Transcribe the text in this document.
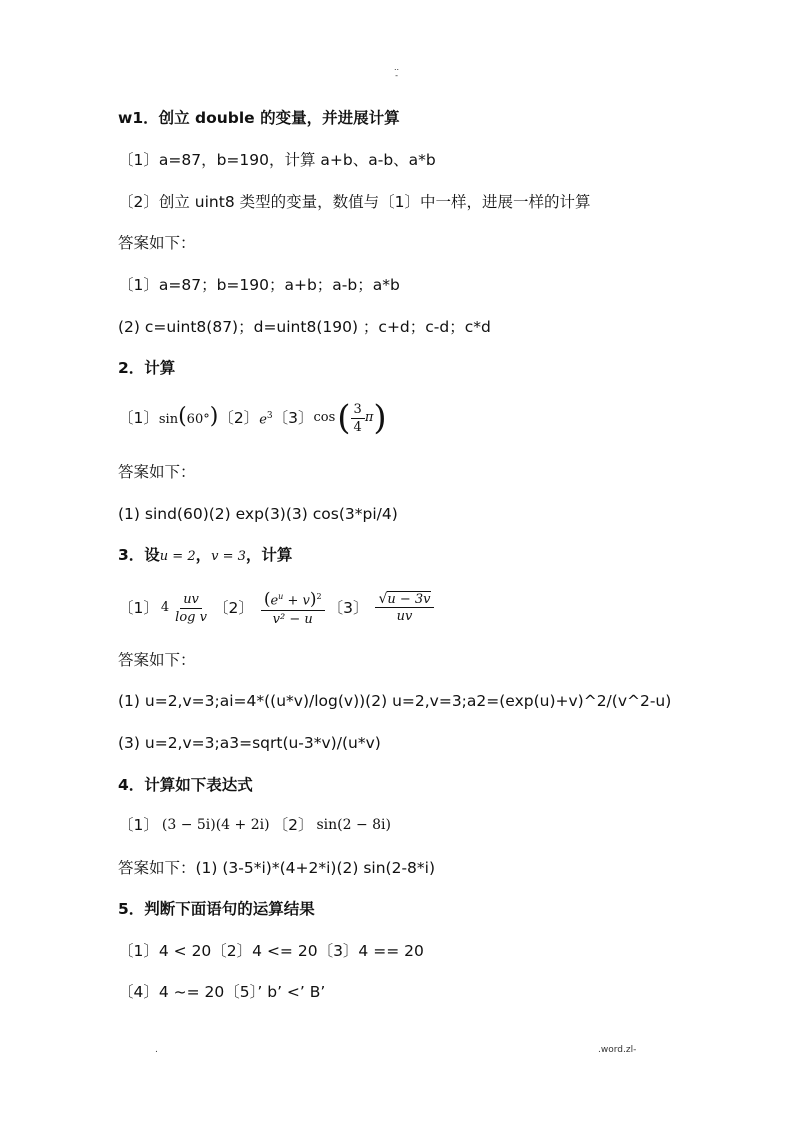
..
-
w1．创立 double 的变量，并进展计算
〔1〕a=87，b=190，计算 a+b、a-b、a*b
〔2〕创立 uint8 类型的变量，数值与〔1〕中一样，进展一样的计算
答案如下：
〔1〕a=87；b=190；a+b；a-b；a*b
(2) c=uint8(87)；d=uint8(190) ；c+d；c-d；c*d
2．计算
〔1〕 sin(60°) 〔2〕 $e^3$ 〔3〕 cos ( $\frac{3}{4}$ π )
答案如下：
(1) sind(60)(2) exp(3)(3) cos(3*pi/4)
3．设u = 2，v = 3，计算
〔1〕 $4 \frac{uv}{\text{log v}}$ 〔2〕 $\frac{(e^u + v)^2}{\text{v² − u}}$ 〔3〕 $\frac{√u - 3v}{uv}$
答案如下：
(1) u=2,v=3;ai=4*((u*v)/log(v))(2) u=2,v=3;a2=(exp(u)+v)^2/(v^2-u)
(3) u=2,v=3;a3=sqrt(u-3*v)/(u*v)
4．计算如下表达式
〔1〕 (3 − 5i)(4 + 2i) 〔2〕 sin(2 − 8i)
答案如下：(1) (3-5*i)*(4+2*i)(2) sin(2-8*i)
5．判断下面语句的运算结果
〔1〕4 < 20〔2〕4 <= 20〔3〕4 == 20
〔4〕4 ~= 20〔5〕’ b’ <’ B’
.	.word.zl-
